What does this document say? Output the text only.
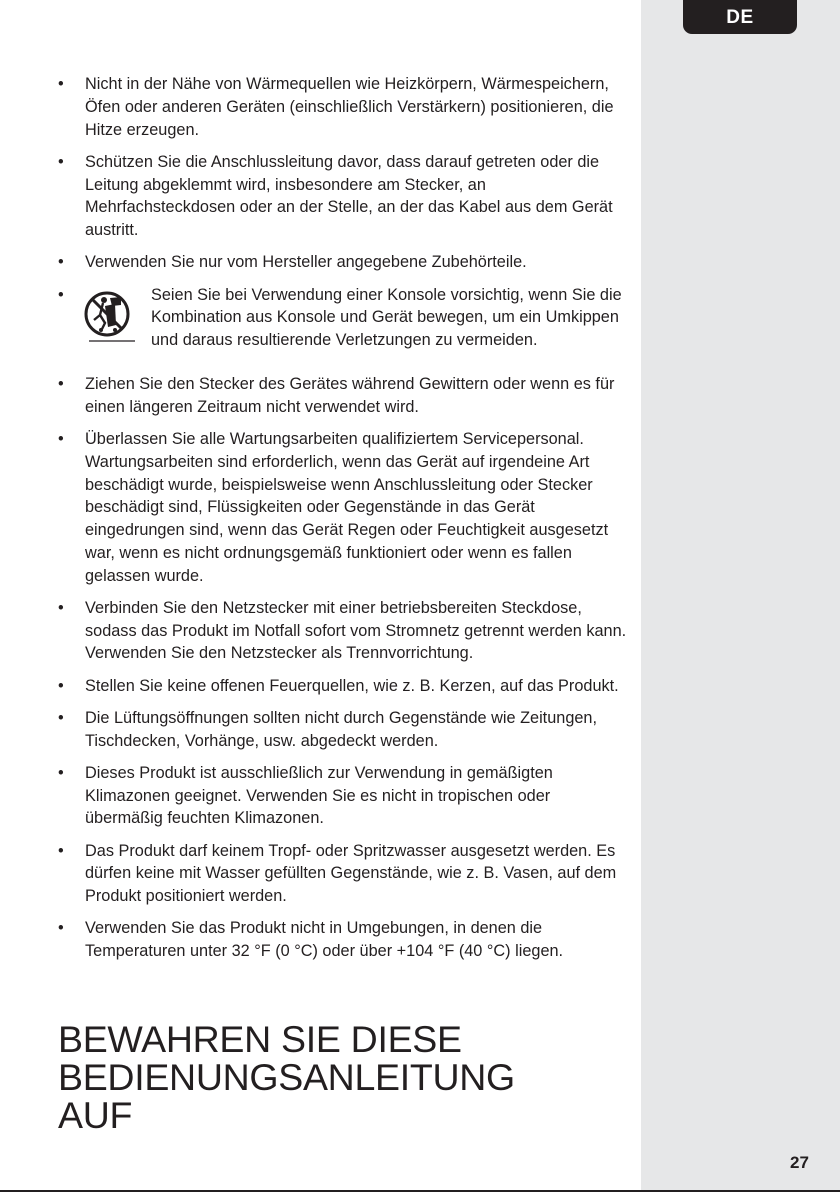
DE
•	Nicht in der Nähe von Wärmequellen wie Heizkörpern, Wärmespeichern, Öfen oder anderen Geräten (einschließlich Verstärkern) positionieren, die Hitze erzeugen.
•	Schützen Sie die Anschlussleitung davor, dass darauf getreten oder die Leitung abgeklemmt wird, insbesondere am Stecker, an Mehrfachsteckdosen oder an der Stelle, an der das Kabel aus dem Gerät austritt.
•	Verwenden Sie nur vom Hersteller angegebene Zubehörteile.
•	Seien Sie bei Verwendung einer Konsole vorsichtig, wenn Sie die Kombination aus Konsole und Gerät bewegen, um ein Umkippen und daraus resultierende Verletzungen zu vermeiden.
•	Ziehen Sie den Stecker des Gerätes während Gewittern oder wenn es für einen längeren Zeitraum nicht verwendet wird.
•	Überlassen Sie alle Wartungsarbeiten qualifiziertem Servicepersonal. Wartungsarbeiten sind erforderlich, wenn das Gerät auf irgendeine Art beschädigt wurde, beispielsweise wenn Anschlussleitung oder Stecker beschädigt sind, Flüssigkeiten oder Gegenstände in das Gerät eingedrungen sind, wenn das Gerät Regen oder Feuchtigkeit ausgesetzt war, wenn es nicht ordnungsgemäß funktioniert oder wenn es fallen gelassen wurde.
•	Verbinden Sie den Netzstecker mit einer betriebsbereiten Steckdose, sodass das Produkt im Notfall sofort vom Stromnetz getrennt werden kann. Verwenden Sie den Netzstecker als Trennvorrichtung.
•	Stellen Sie keine offenen Feuerquellen, wie z. B. Kerzen, auf das Produkt.
•	Die Lüftungsöffnungen sollten nicht durch Gegenstände wie Zeitungen, Tischdecken, Vorhänge, usw. abgedeckt werden.
•	Dieses Produkt ist ausschließlich zur Verwendung in gemäßigten Klimazonen geeignet. Verwenden Sie es nicht in tropischen oder übermäßig feuchten Klimazonen.
•	Das Produkt darf keinem Tropf- oder Spritzwasser ausgesetzt werden. Es dürfen keine mit Wasser gefüllten Gegenstände, wie z. B. Vasen, auf dem Produkt positioniert werden.
•	Verwenden Sie das Produkt nicht in Umgebungen, in denen die Temperaturen unter 32 °F (0 °C) oder über +104 °F (40 °C) liegen.
BEWAHREN SIE DIESE
BEDIENUNGSANLEITUNG
AUF
27
